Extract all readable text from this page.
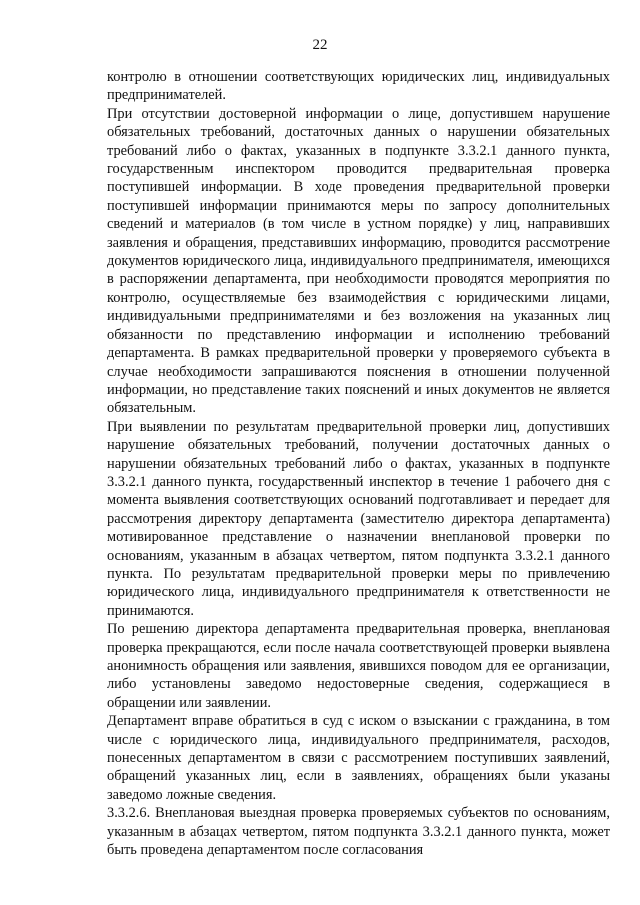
22

контролю в отношении соответствующих юридических лиц, индивидуальных предпринимателей.

При отсутствии достоверной информации о лице, допустившем нарушение обязательных требований, достаточных данных о нарушении обязательных требований либо о фактах, указанных в подпункте 3.3.2.1 данного пункта, государственным инспектором проводится предварительная проверка поступившей информации. В ходе проведения предварительной проверки поступившей информации принимаются меры по запросу дополнительных сведений и материалов (в том числе в устном порядке) у лиц, направивших заявления и обращения, представивших информацию, проводится рассмотрение документов юридического лица, индивидуального предпринимателя, имеющихся в распоряжении департамента, при необходимости проводятся мероприятия по контролю, осуществляемые без взаимодействия с юридическими лицами, индивидуальными предпринимателями и без возложения на указанных лиц обязанности по представлению информации и исполнению требований департамента. В рамках предварительной проверки у проверяемого субъекта в случае необходимости запрашиваются пояснения в отношении полученной информации, но представление таких пояснений и иных документов не является обязательным.

При выявлении по результатам предварительной проверки лиц, допустивших нарушение обязательных требований, получении достаточных данных о нарушении обязательных требований либо о фактах, указанных в подпункте 3.3.2.1 данного пункта, государственный инспектор в течение 1 рабочего дня с момента выявления соответствующих оснований подготавливает и передает для рассмотрения директору департамента (заместителю директора департамента) мотивированное представление о назначении внеплановой проверки по основаниям, указанным в абзацах четвертом, пятом подпункта 3.3.2.1 данного пункта. По результатам предварительной проверки меры по привлечению юридического лица, индивидуального предпринимателя к ответственности не принимаются.

По решению директора департамента предварительная проверка, внеплановая проверка прекращаются, если после начала соответствующей проверки выявлена анонимность обращения или заявления, явившихся поводом для ее организации, либо установлены заведомо недостоверные сведения, содержащиеся в обращении или заявлении.

Департамент вправе обратиться в суд с иском о взыскании с гражданина, в том числе с юридического лица, индивидуального предпринимателя, расходов, понесенных департаментом в связи с рассмотрением поступивших заявлений, обращений указанных лиц, если в заявлениях, обращениях были указаны заведомо ложные сведения.

3.3.2.6. Внеплановая выездная проверка проверяемых субъектов по основаниям, указанным в абзацах четвертом, пятом подпункта 3.3.2.1 данного пункта, может быть проведена департаментом после согласования
